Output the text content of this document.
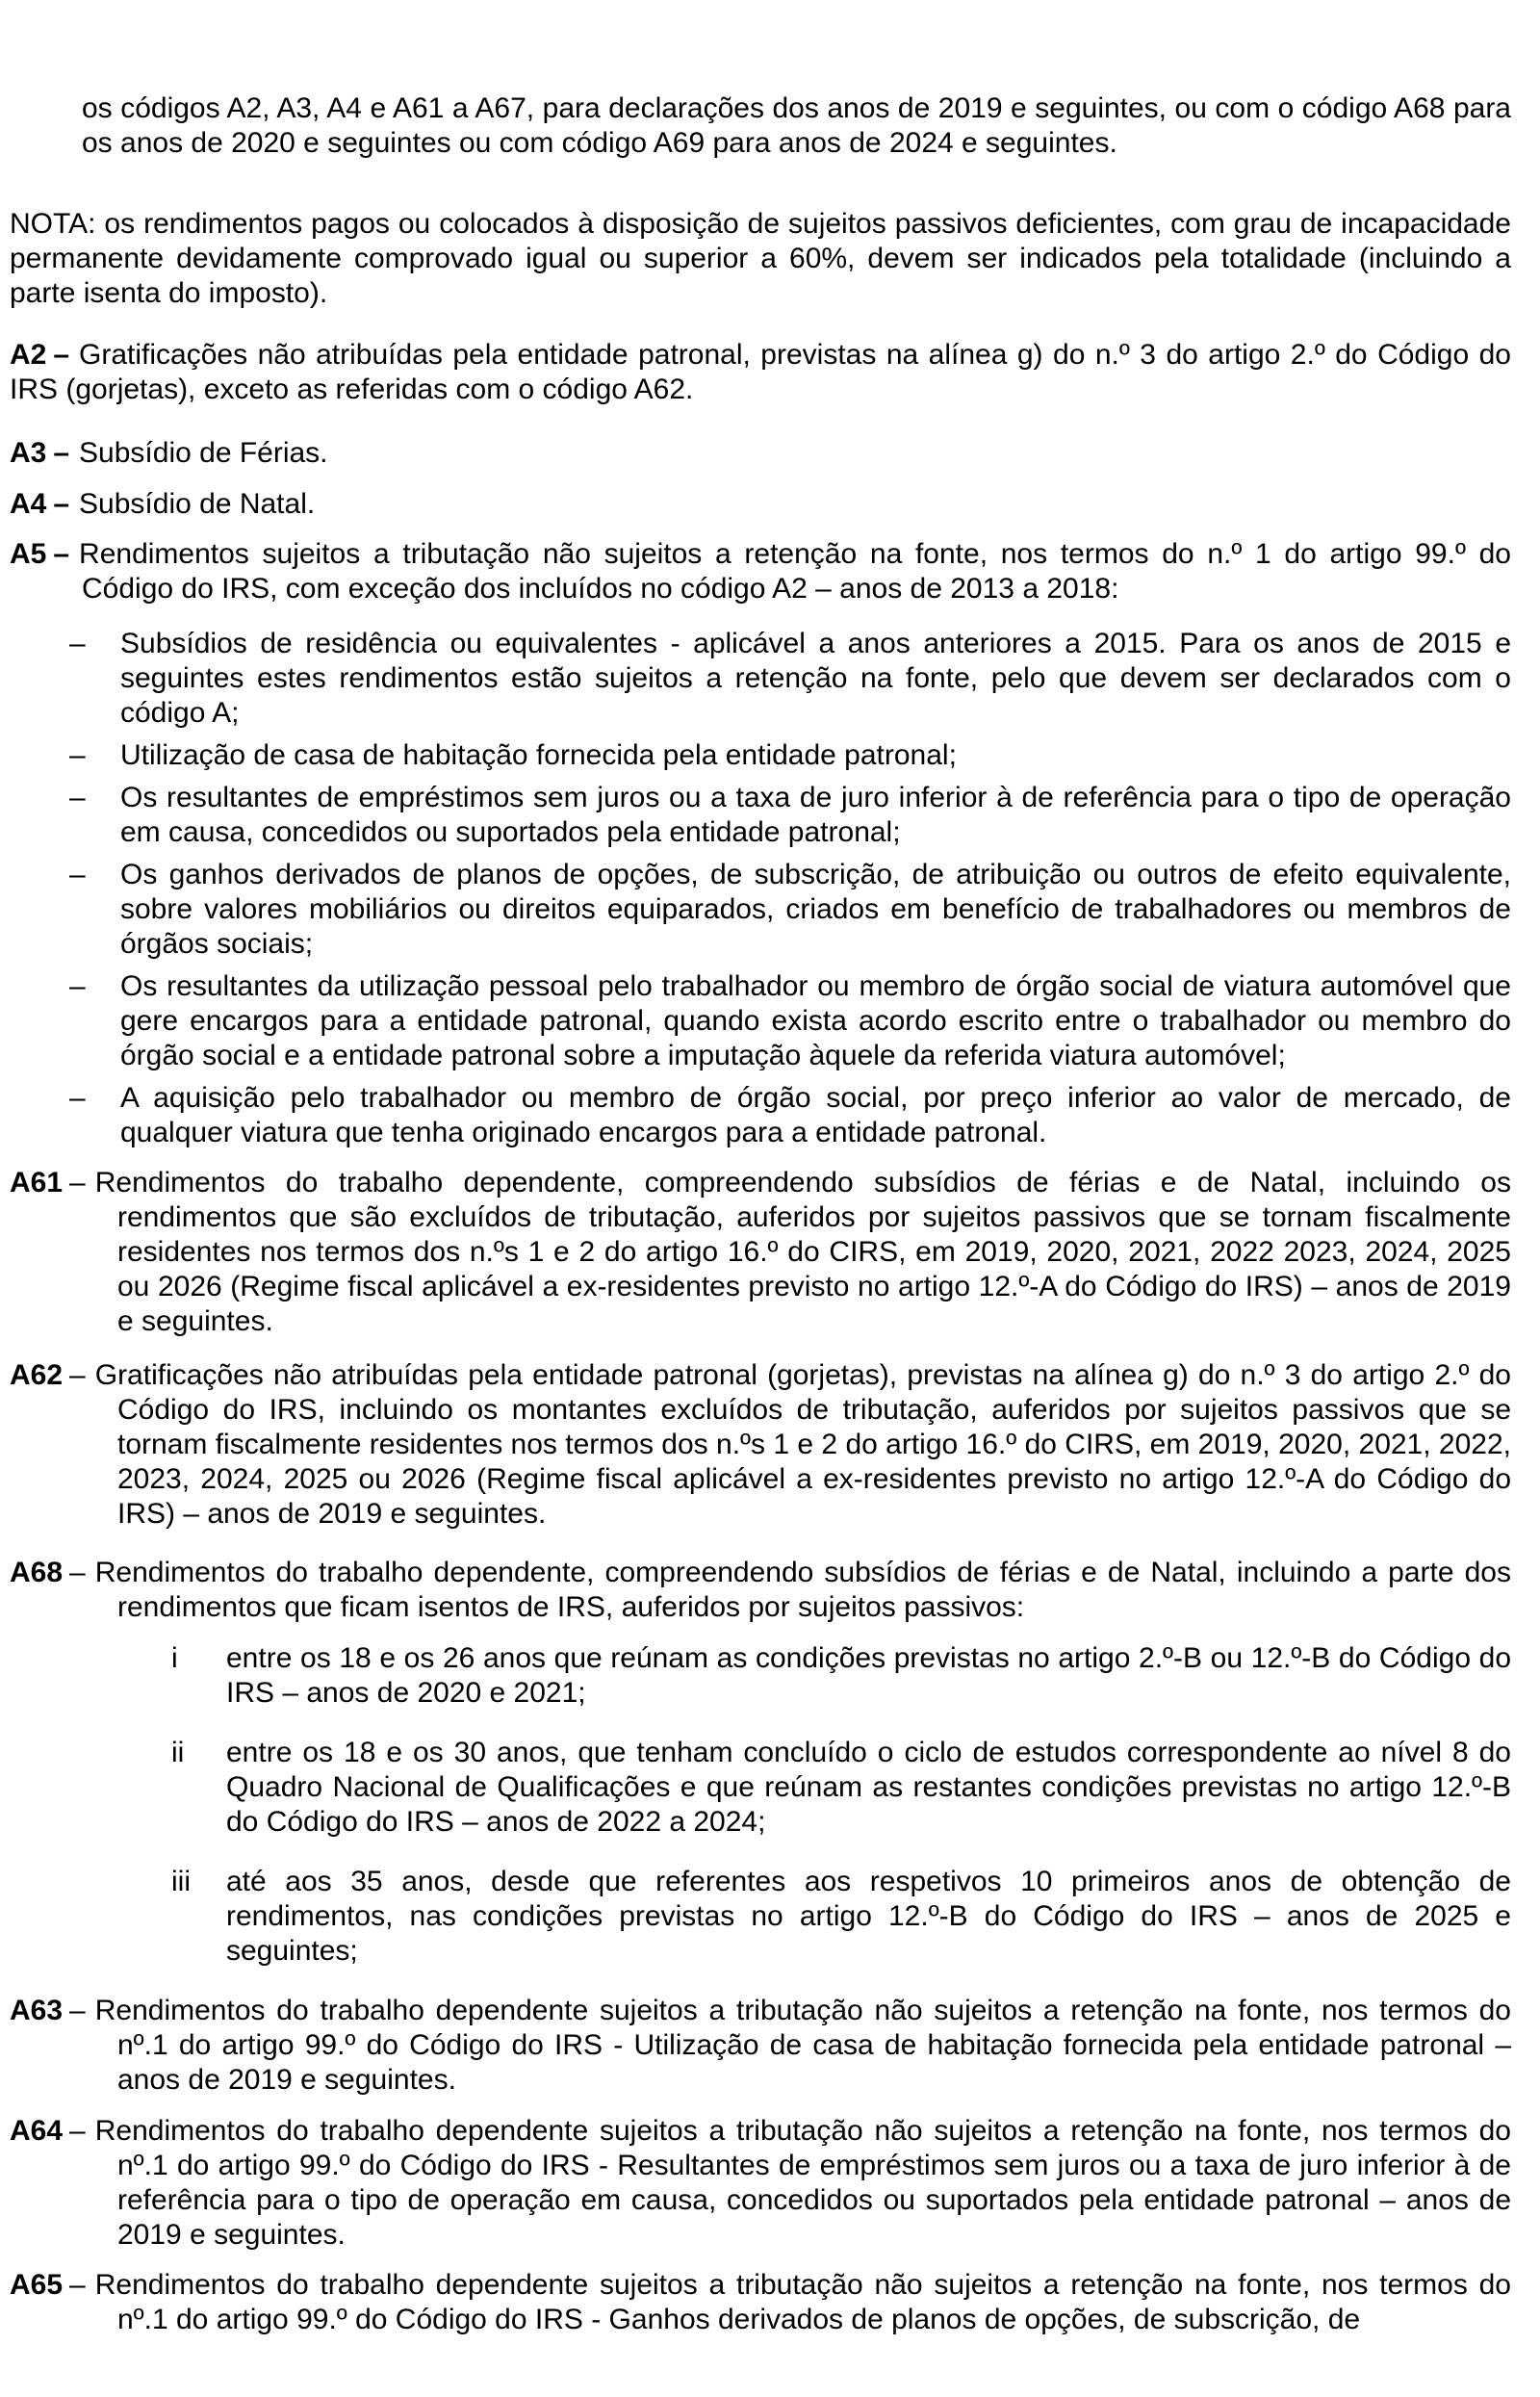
os códigos A2, A3, A4 e A61 a A67, para declarações dos anos de 2019 e seguintes, ou com o código A68 para os anos de 2020 e seguintes ou com código A69 para anos de 2024 e seguintes.

NOTA: os rendimentos pagos ou colocados à disposição de sujeitos passivos deficientes, com grau de incapacidade permanente devidamente comprovado igual ou superior a 60%, devem ser indicados pela totalidade (incluindo a parte isenta do imposto).

A2 – Gratificações não atribuídas pela entidade patronal, previstas na alínea g) do n.º 3 do artigo 2.º do Código do IRS (gorjetas), exceto as referidas com o código A62.

A3 – Subsídio de Férias.

A4 – Subsídio de Natal.

A5 – Rendimentos sujeitos a tributação não sujeitos a retenção na fonte, nos termos do n.º 1 do artigo 99.º do Código do IRS, com exceção dos incluídos no código A2 – anos de 2013 a 2018:

–	Subsídios de residência ou equivalentes - aplicável a anos anteriores a 2015. Para os anos de 2015 e seguintes estes rendimentos estão sujeitos a retenção na fonte, pelo que devem ser declarados com o código A;
–	Utilização de casa de habitação fornecida pela entidade patronal;
–	Os resultantes de empréstimos sem juros ou a taxa de juro inferior à de referência para o tipo de operação em causa, concedidos ou suportados pela entidade patronal;
–	Os ganhos derivados de planos de opções, de subscrição, de atribuição ou outros de efeito equivalente, sobre valores mobiliários ou direitos equiparados, criados em benefício de trabalhadores ou membros de órgãos sociais;
–	Os resultantes da utilização pessoal pelo trabalhador ou membro de órgão social de viatura automóvel que gere encargos para a entidade patronal, quando exista acordo escrito entre o trabalhador ou membro do órgão social e a entidade patronal sobre a imputação àquele da referida viatura automóvel;
–	A aquisição pelo trabalhador ou membro de órgão social, por preço inferior ao valor de mercado, de qualquer viatura que tenha originado encargos para a entidade patronal.

A61 – Rendimentos do trabalho dependente, compreendendo subsídios de férias e de Natal, incluindo os rendimentos que são excluídos de tributação, auferidos por sujeitos passivos que se tornam fiscalmente residentes nos termos dos n.ºs 1 e 2 do artigo 16.º do CIRS, em 2019, 2020, 2021, 2022 2023, 2024, 2025 ou 2026 (Regime fiscal aplicável a ex-residentes previsto no artigo 12.º-A do Código do IRS) – anos de 2019 e seguintes.

A62 – Gratificações não atribuídas pela entidade patronal (gorjetas), previstas na alínea g) do n.º 3 do artigo 2.º do Código do IRS, incluindo os montantes excluídos de tributação, auferidos por sujeitos passivos que se tornam fiscalmente residentes nos termos dos n.ºs 1 e 2 do artigo 16.º do CIRS, em 2019, 2020, 2021, 2022, 2023, 2024, 2025 ou 2026 (Regime fiscal aplicável a ex-residentes previsto no artigo 12.º-A do Código do IRS) – anos de 2019 e seguintes.

A68 – Rendimentos do trabalho dependente, compreendendo subsídios de férias e de Natal, incluindo a parte dos rendimentos que ficam isentos de IRS, auferidos por sujeitos passivos:

i	entre os 18 e os 26 anos que reúnam as condições previstas no artigo 2.º-B ou 12.º-B do Código do IRS – anos de 2020 e 2021;
ii	entre os 18 e os 30 anos, que tenham concluído o ciclo de estudos correspondente ao nível 8 do Quadro Nacional de Qualificações e que reúnam as restantes condições previstas no artigo 12.º-B do Código do IRS – anos de 2022 a 2024;
iii	até aos 35 anos, desde que referentes aos respetivos 10 primeiros anos de obtenção de rendimentos, nas condições previstas no artigo 12.º-B do Código do IRS – anos de 2025 e seguintes;

A63 – Rendimentos do trabalho dependente sujeitos a tributação não sujeitos a retenção na fonte, nos termos do nº.1 do artigo 99.º do Código do IRS - Utilização de casa de habitação fornecida pela entidade patronal – anos de 2019 e seguintes.

A64 – Rendimentos do trabalho dependente sujeitos a tributação não sujeitos a retenção na fonte, nos termos do nº.1 do artigo 99.º do Código do IRS - Resultantes de empréstimos sem juros ou a taxa de juro inferior à de referência para o tipo de operação em causa, concedidos ou suportados pela entidade patronal – anos de 2019 e seguintes.

A65 – Rendimentos do trabalho dependente sujeitos a tributação não sujeitos a retenção na fonte, nos termos do nº.1 do artigo 99.º do Código do IRS - Ganhos derivados de planos de opções, de subscrição, de
